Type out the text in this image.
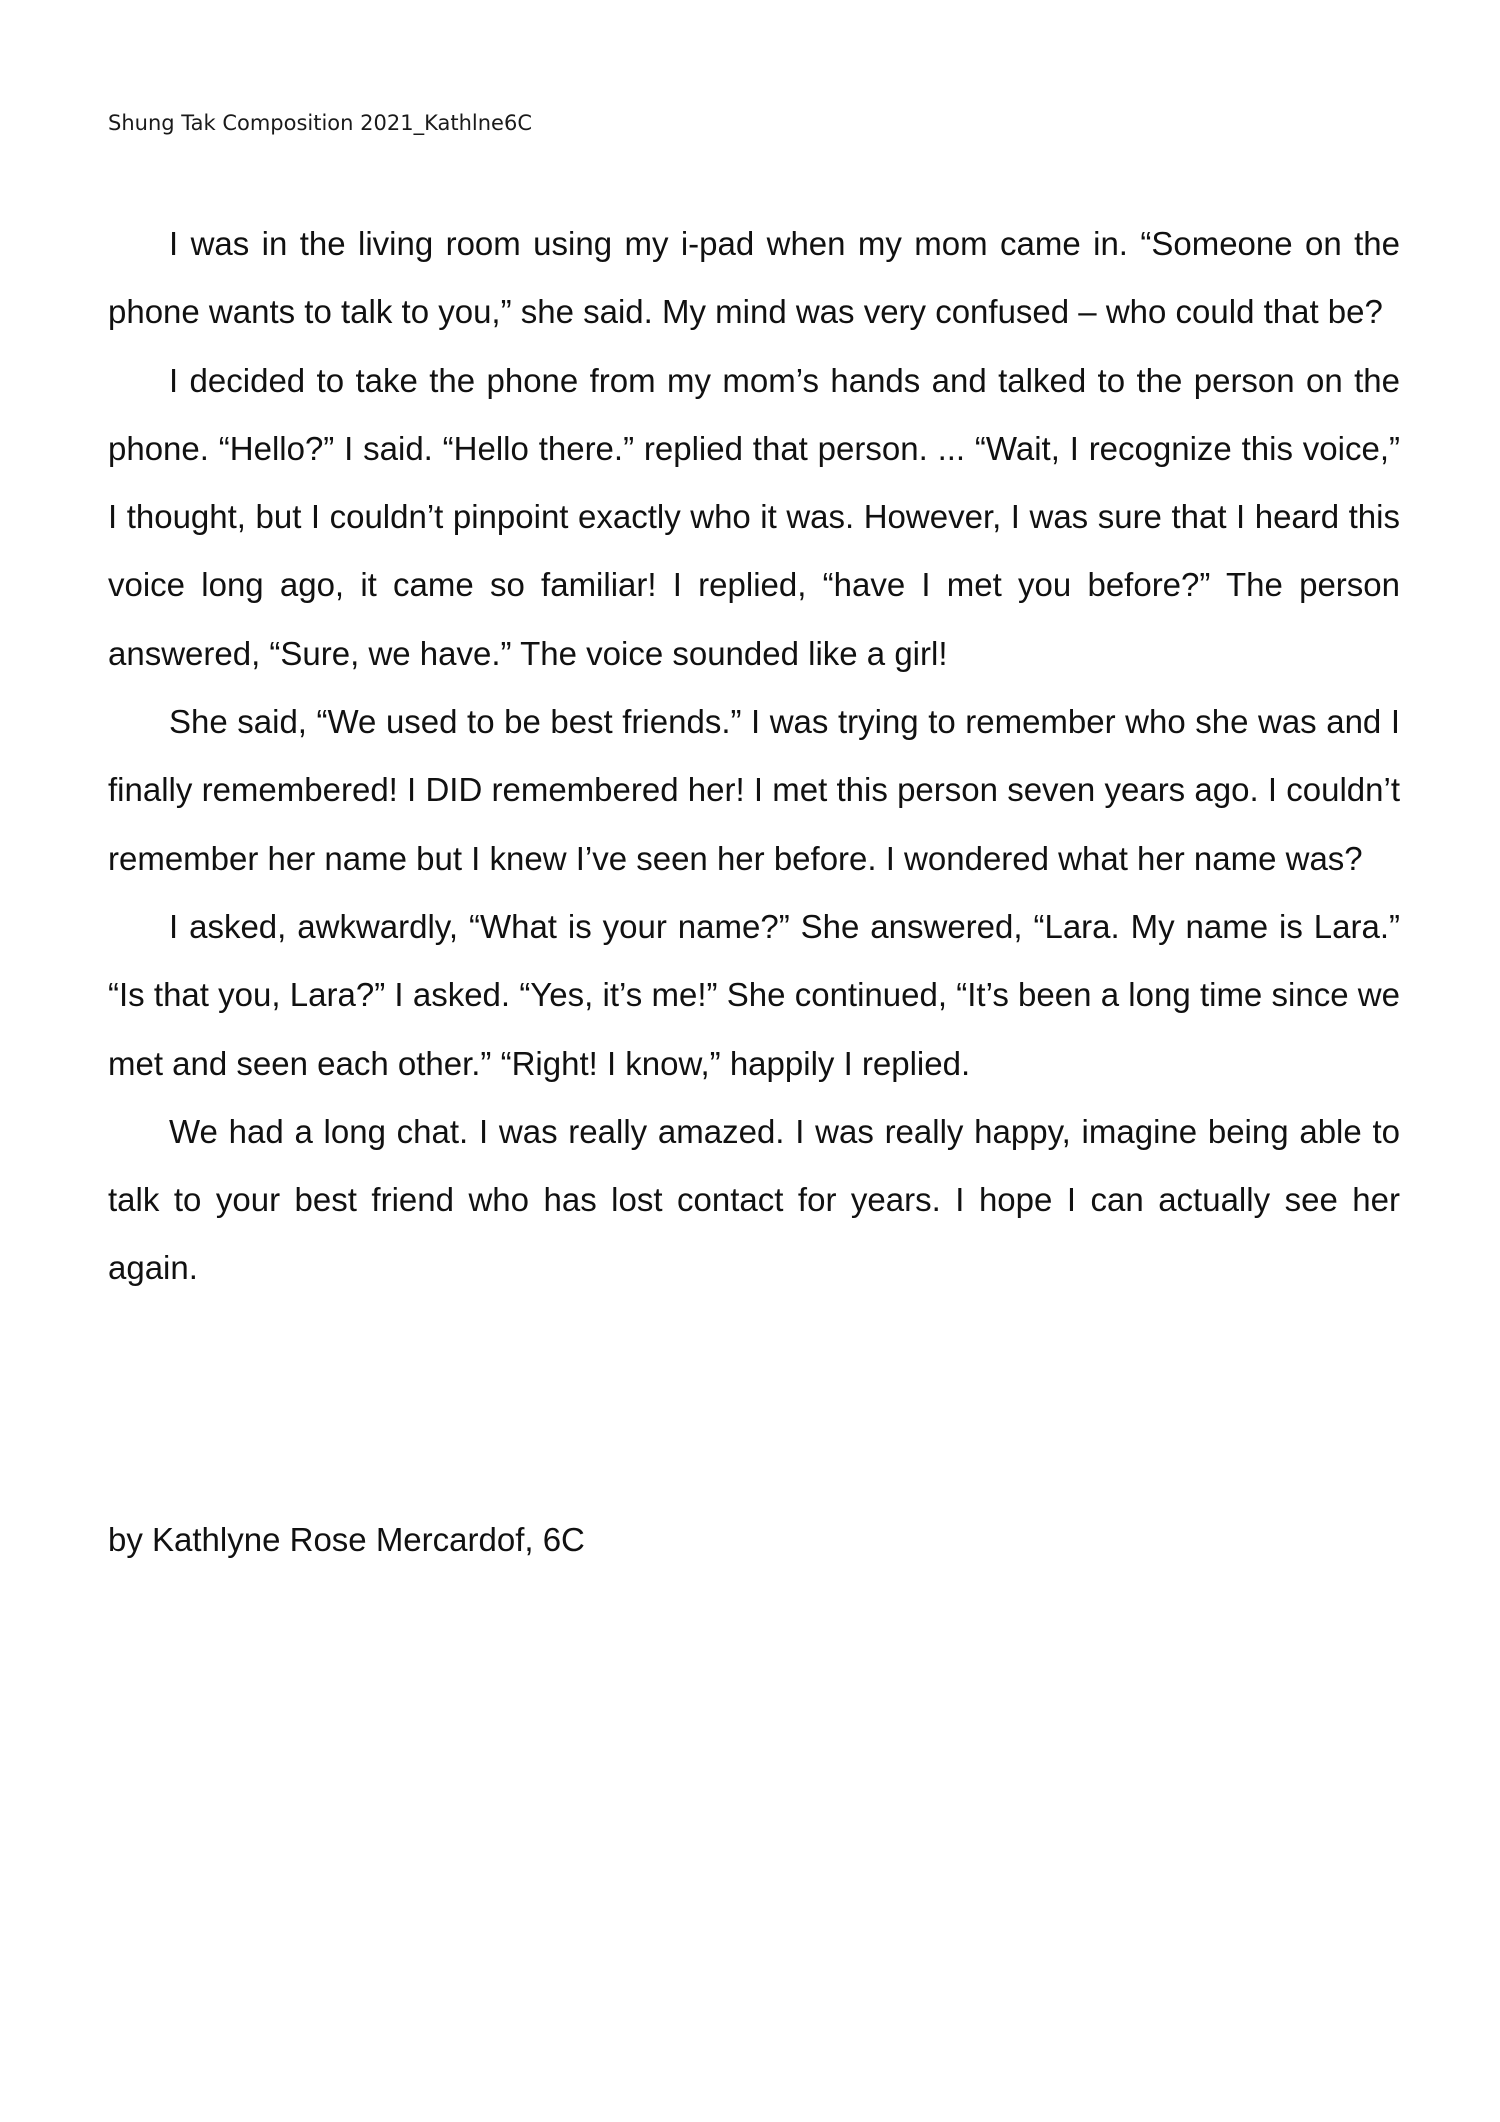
Shung Tak Composition 2021_Kathlne6C

I was in the living room using my i-pad when my mom came in. “Someone on the phone wants to talk to you,” she said. My mind was very confused – who could that be?

I decided to take the phone from my mom’s hands and talked to the person on the phone. “Hello?” I said. “Hello there.” replied that person. ... “Wait, I recognize this voice,” I thought, but I couldn’t pinpoint exactly who it was. However, I was sure that I heard this voice long ago, it came so familiar! I replied, “have I met you before?” The person answered, “Sure, we have.” The voice sounded like a girl!

She said, “We used to be best friends.” I was trying to remember who she was and I finally remembered! I DID remembered her! I met this person seven years ago. I couldn’t remember her name but I knew I’ve seen her before. I wondered what her name was?

I asked, awkwardly, “What is your name?” She answered, “Lara. My name is Lara.” “Is that you, Lara?” I asked. “Yes, it’s me!” She continued, “It’s been a long time since we met and seen each other.” “Right! I know,” happily I replied.

We had a long chat. I was really amazed. I was really happy, imagine being able to talk to your best friend who has lost contact for years. I hope I can actually see her again.

by Kathlyne Rose Mercardof, 6C
